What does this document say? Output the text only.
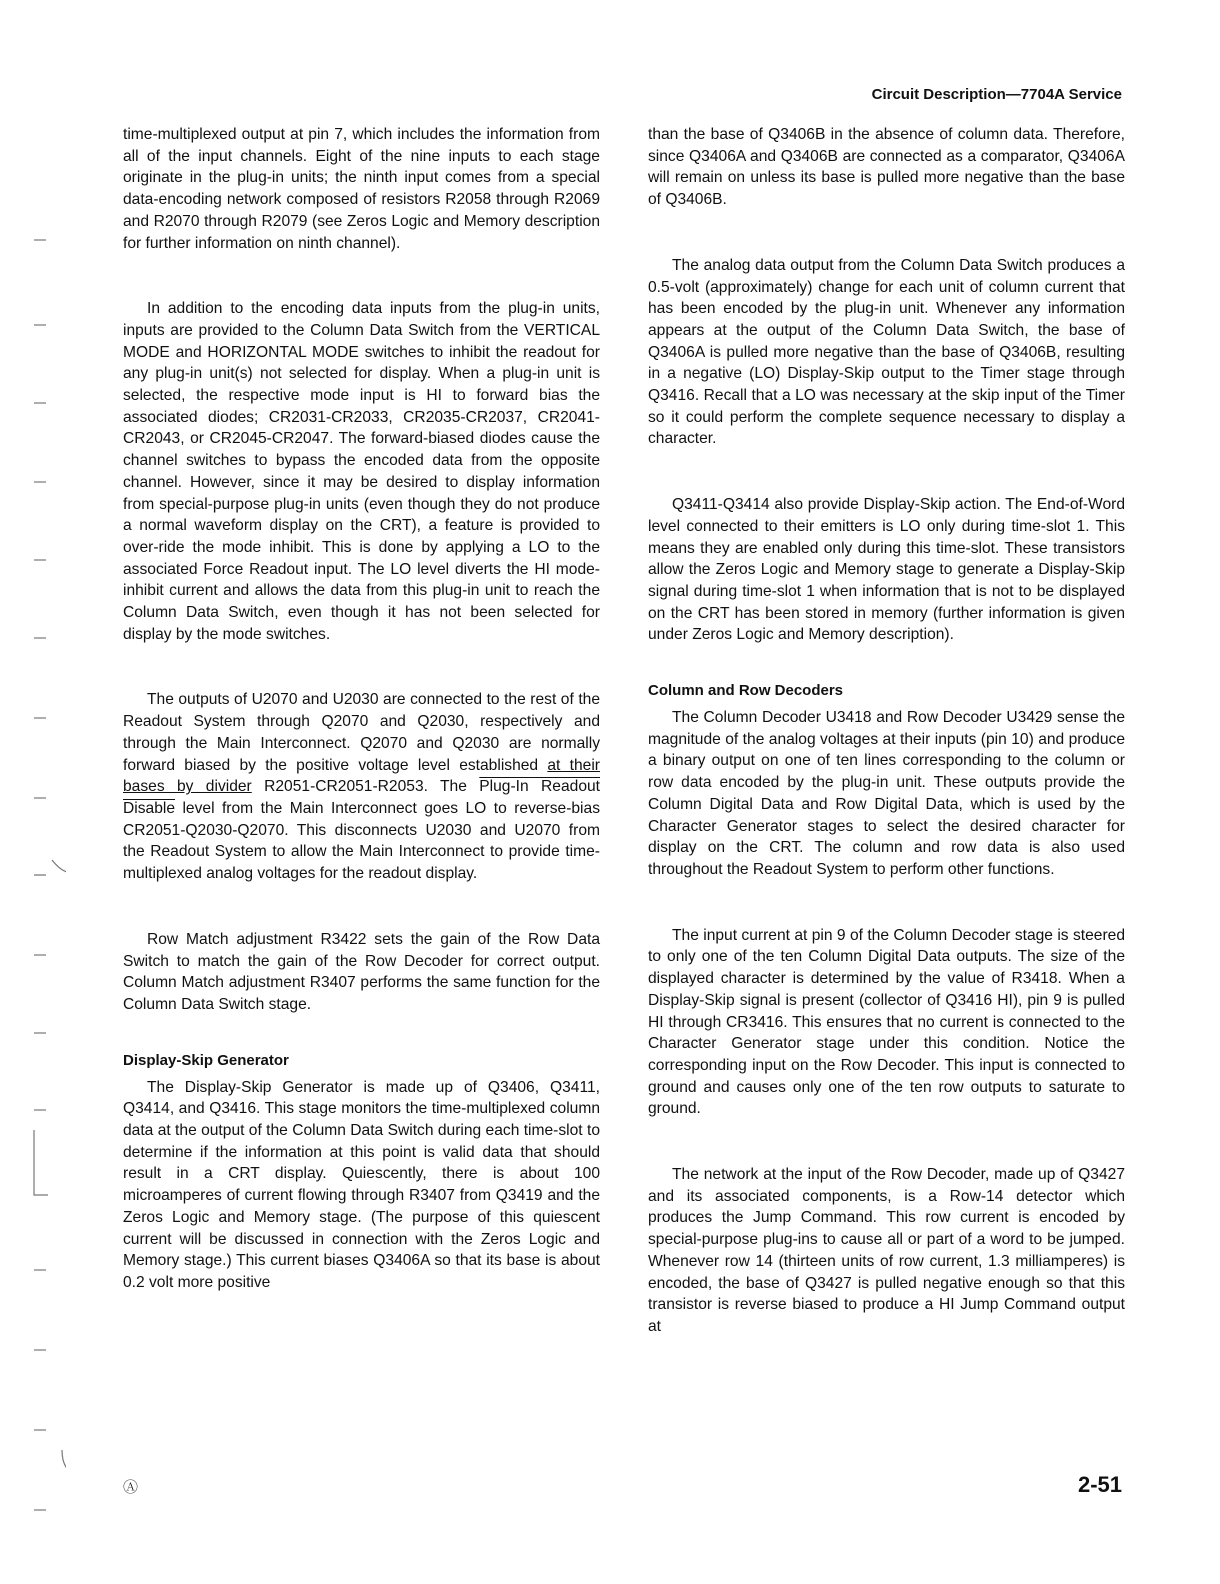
Circuit Description—7704A Service

time-multiplexed output at pin 7, which includes the information from all of the input channels. Eight of the nine inputs to each stage originate in the plug-in units; the ninth input comes from a special data-encoding network composed of resistors R2058 through R2069 and R2070 through R2079 (see Zeros Logic and Memory description for further information on ninth channel).

In addition to the encoding data inputs from the plug-in units, inputs are provided to the Column Data Switch from the VERTICAL MODE and HORIZONTAL MODE switches to inhibit the readout for any plug-in unit(s) not selected for display. When a plug-in unit is selected, the respective mode input is HI to forward bias the associated diodes; CR2031-CR2033, CR2035-CR2037, CR2041-CR2043, or CR2045-CR2047. The forward-biased diodes cause the channel switches to bypass the encoded data from the opposite channel. However, since it may be desired to display information from special-purpose plug-in units (even though they do not produce a normal waveform display on the CRT), a feature is provided to over-ride the mode inhibit. This is done by applying a LO to the associated Force Readout input. The LO level diverts the HI mode-inhibit current and allows the data from this plug-in unit to reach the Column Data Switch, even though it has not been selected for display by the mode switches.

The outputs of U2070 and U2030 are connected to the rest of the Readout System through Q2070 and Q2030, respectively and through the Main Interconnect. Q2070 and Q2030 are normally forward biased by the positive voltage level established at their bases by divider R2051-CR2051-R2053. The Plug-In Readout Disable level from the Main Interconnect goes LO to reverse-bias CR2051-Q2030-Q2070. This disconnects U2030 and U2070 from the Readout System to allow the Main Interconnect to provide time-multiplexed analog voltages for the readout display.

Row Match adjustment R3422 sets the gain of the Row Data Switch to match the gain of the Row Decoder for correct output. Column Match adjustment R3407 performs the same function for the Column Data Switch stage.

Display-Skip Generator

The Display-Skip Generator is made up of Q3406, Q3411, Q3414, and Q3416. This stage monitors the time-multiplexed column data at the output of the Column Data Switch during each time-slot to determine if the information at this point is valid data that should result in a CRT display. Quiescently, there is about 100 microamperes of current flowing through R3407 from Q3419 and the Zeros Logic and Memory stage. (The purpose of this quiescent current will be discussed in connection with the Zeros Logic and Memory stage.) This current biases Q3406A so that its base is about 0.2 volt more positive

than the base of Q3406B in the absence of column data. Therefore, since Q3406A and Q3406B are connected as a comparator, Q3406A will remain on unless its base is pulled more negative than the base of Q3406B.

The analog data output from the Column Data Switch produces a 0.5-volt (approximately) change for each unit of column current that has been encoded by the plug-in unit. Whenever any information appears at the output of the Column Data Switch, the base of Q3406A is pulled more negative than the base of Q3406B, resulting in a negative (LO) Display-Skip output to the Timer stage through Q3416. Recall that a LO was necessary at the skip input of the Timer so it could perform the complete sequence necessary to display a character.

Q3411-Q3414 also provide Display-Skip action. The End-of-Word level connected to their emitters is LO only during time-slot 1. This means they are enabled only during this time-slot. These transistors allow the Zeros Logic and Memory stage to generate a Display-Skip signal during time-slot 1 when information that is not to be displayed on the CRT has been stored in memory (further information is given under Zeros Logic and Memory description).

Column and Row Decoders

The Column Decoder U3418 and Row Decoder U3429 sense the magnitude of the analog voltages at their inputs (pin 10) and produce a binary output on one of ten lines corresponding to the column or row data encoded by the plug-in unit. These outputs provide the Column Digital Data and Row Digital Data, which is used by the Character Generator stages to select the desired character for display on the CRT. The column and row data is also used throughout the Readout System to perform other functions.

The input current at pin 9 of the Column Decoder stage is steered to only one of the ten Column Digital Data outputs. The size of the displayed character is determined by the value of R3418. When a Display-Skip signal is present (collector of Q3416 HI), pin 9 is pulled HI through CR3416. This ensures that no current is connected to the Character Generator stage under this condition. Notice the corresponding input on the Row Decoder. This input is connected to ground and causes only one of the ten row outputs to saturate to ground.

The network at the input of the Row Decoder, made up of Q3427 and its associated components, is a Row-14 detector which produces the Jump Command. This row current is encoded by special-purpose plug-ins to cause all or part of a word to be jumped. Whenever row 14 (thirteen units of row current, 1.3 milliamperes) is encoded, the base of Q3427 is pulled negative enough so that this transistor is reverse biased to produce a HI Jump Command output at

Ⓐ	2-51
